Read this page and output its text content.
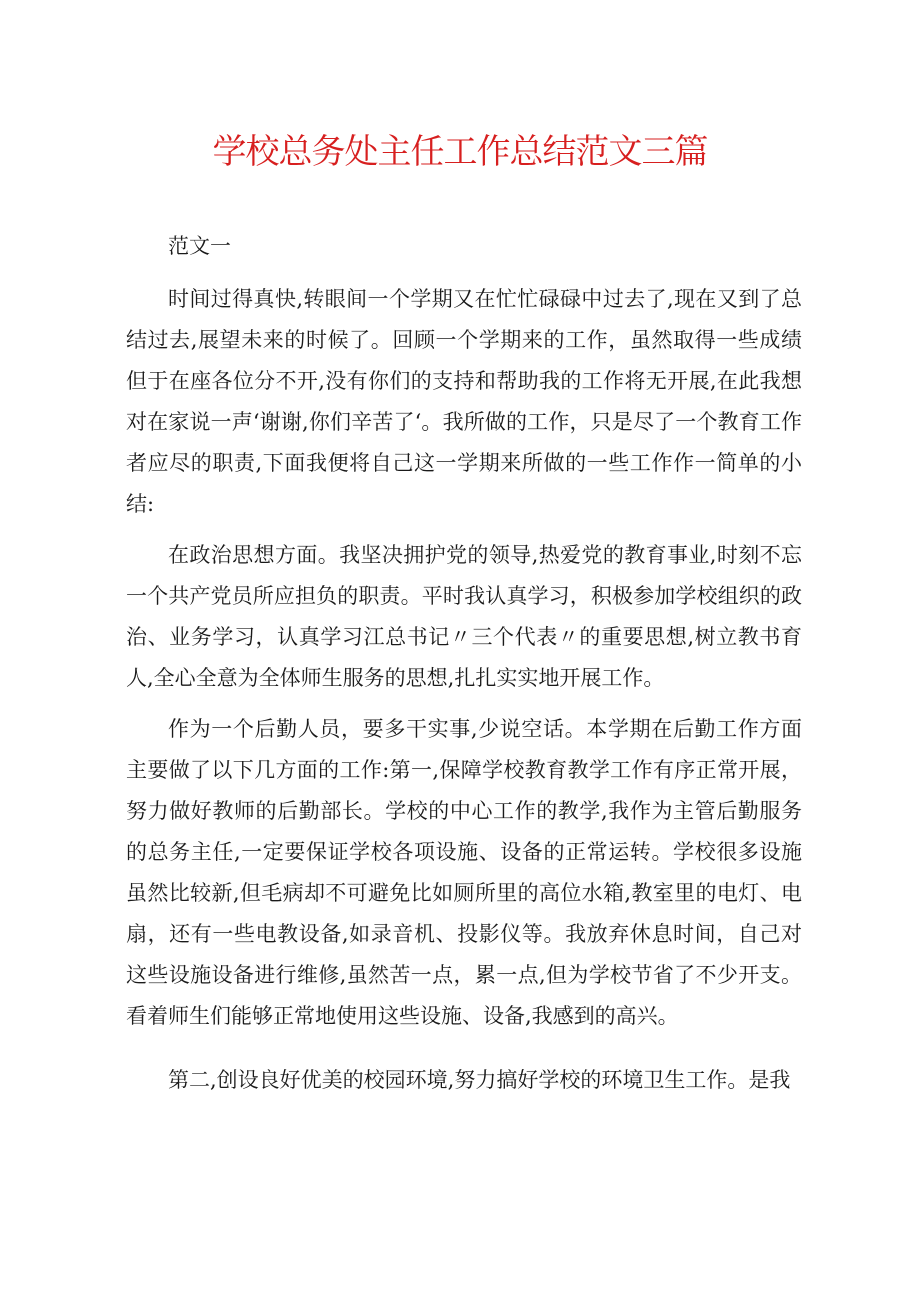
学校总务处主任工作总结范文三篇

范文一

时间过得真快,转眼间一个学期又在忙忙碌碌中过去了,现在又到了总结过去,展望未来的时候了。回顾一个学期来的工作，虽然取得一些成绩但于在座各位分不开,没有你们的支持和帮助我的工作将无开展,在此我想对在家说一声‘谢谢,你们辛苦了‘。我所做的工作，只是尽了一个教育工作者应尽的职责,下面我便将自己这一学期来所做的一些工作作一简单的小结:

在政治思想方面。我坚决拥护党的领导,热爱党的教育事业,时刻不忘一个共产党员所应担负的职责。平时我认真学习，积极参加学校组织的政治、业务学习，认真学习江总书记〃三个代表〃的重要思想,树立教书育人,全心全意为全体师生服务的思想,扎扎实实地开展工作。

作为一个后勤人员，要多干实事,少说空话。本学期在后勤工作方面主要做了以下几方面的工作:第一,保障学校教育教学工作有序正常开展，努力做好教师的后勤部长。学校的中心工作的教学,我作为主管后勤服务的总务主任,一定要保证学校各项设施、设备的正常运转。学校很多设施虽然比较新,但毛病却不可避免比如厕所里的高位水箱,教室里的电灯、电扇，还有一些电教设备,如录音机、投影仪等。我放弃休息时间，自己对这些设施设备进行维修,虽然苦一点，累一点,但为学校节省了不少开支。看着师生们能够正常地使用这些设施、设备,我感到的高兴。

第二,创设良好优美的校园环境,努力搞好学校的环境卫生工作。是我
